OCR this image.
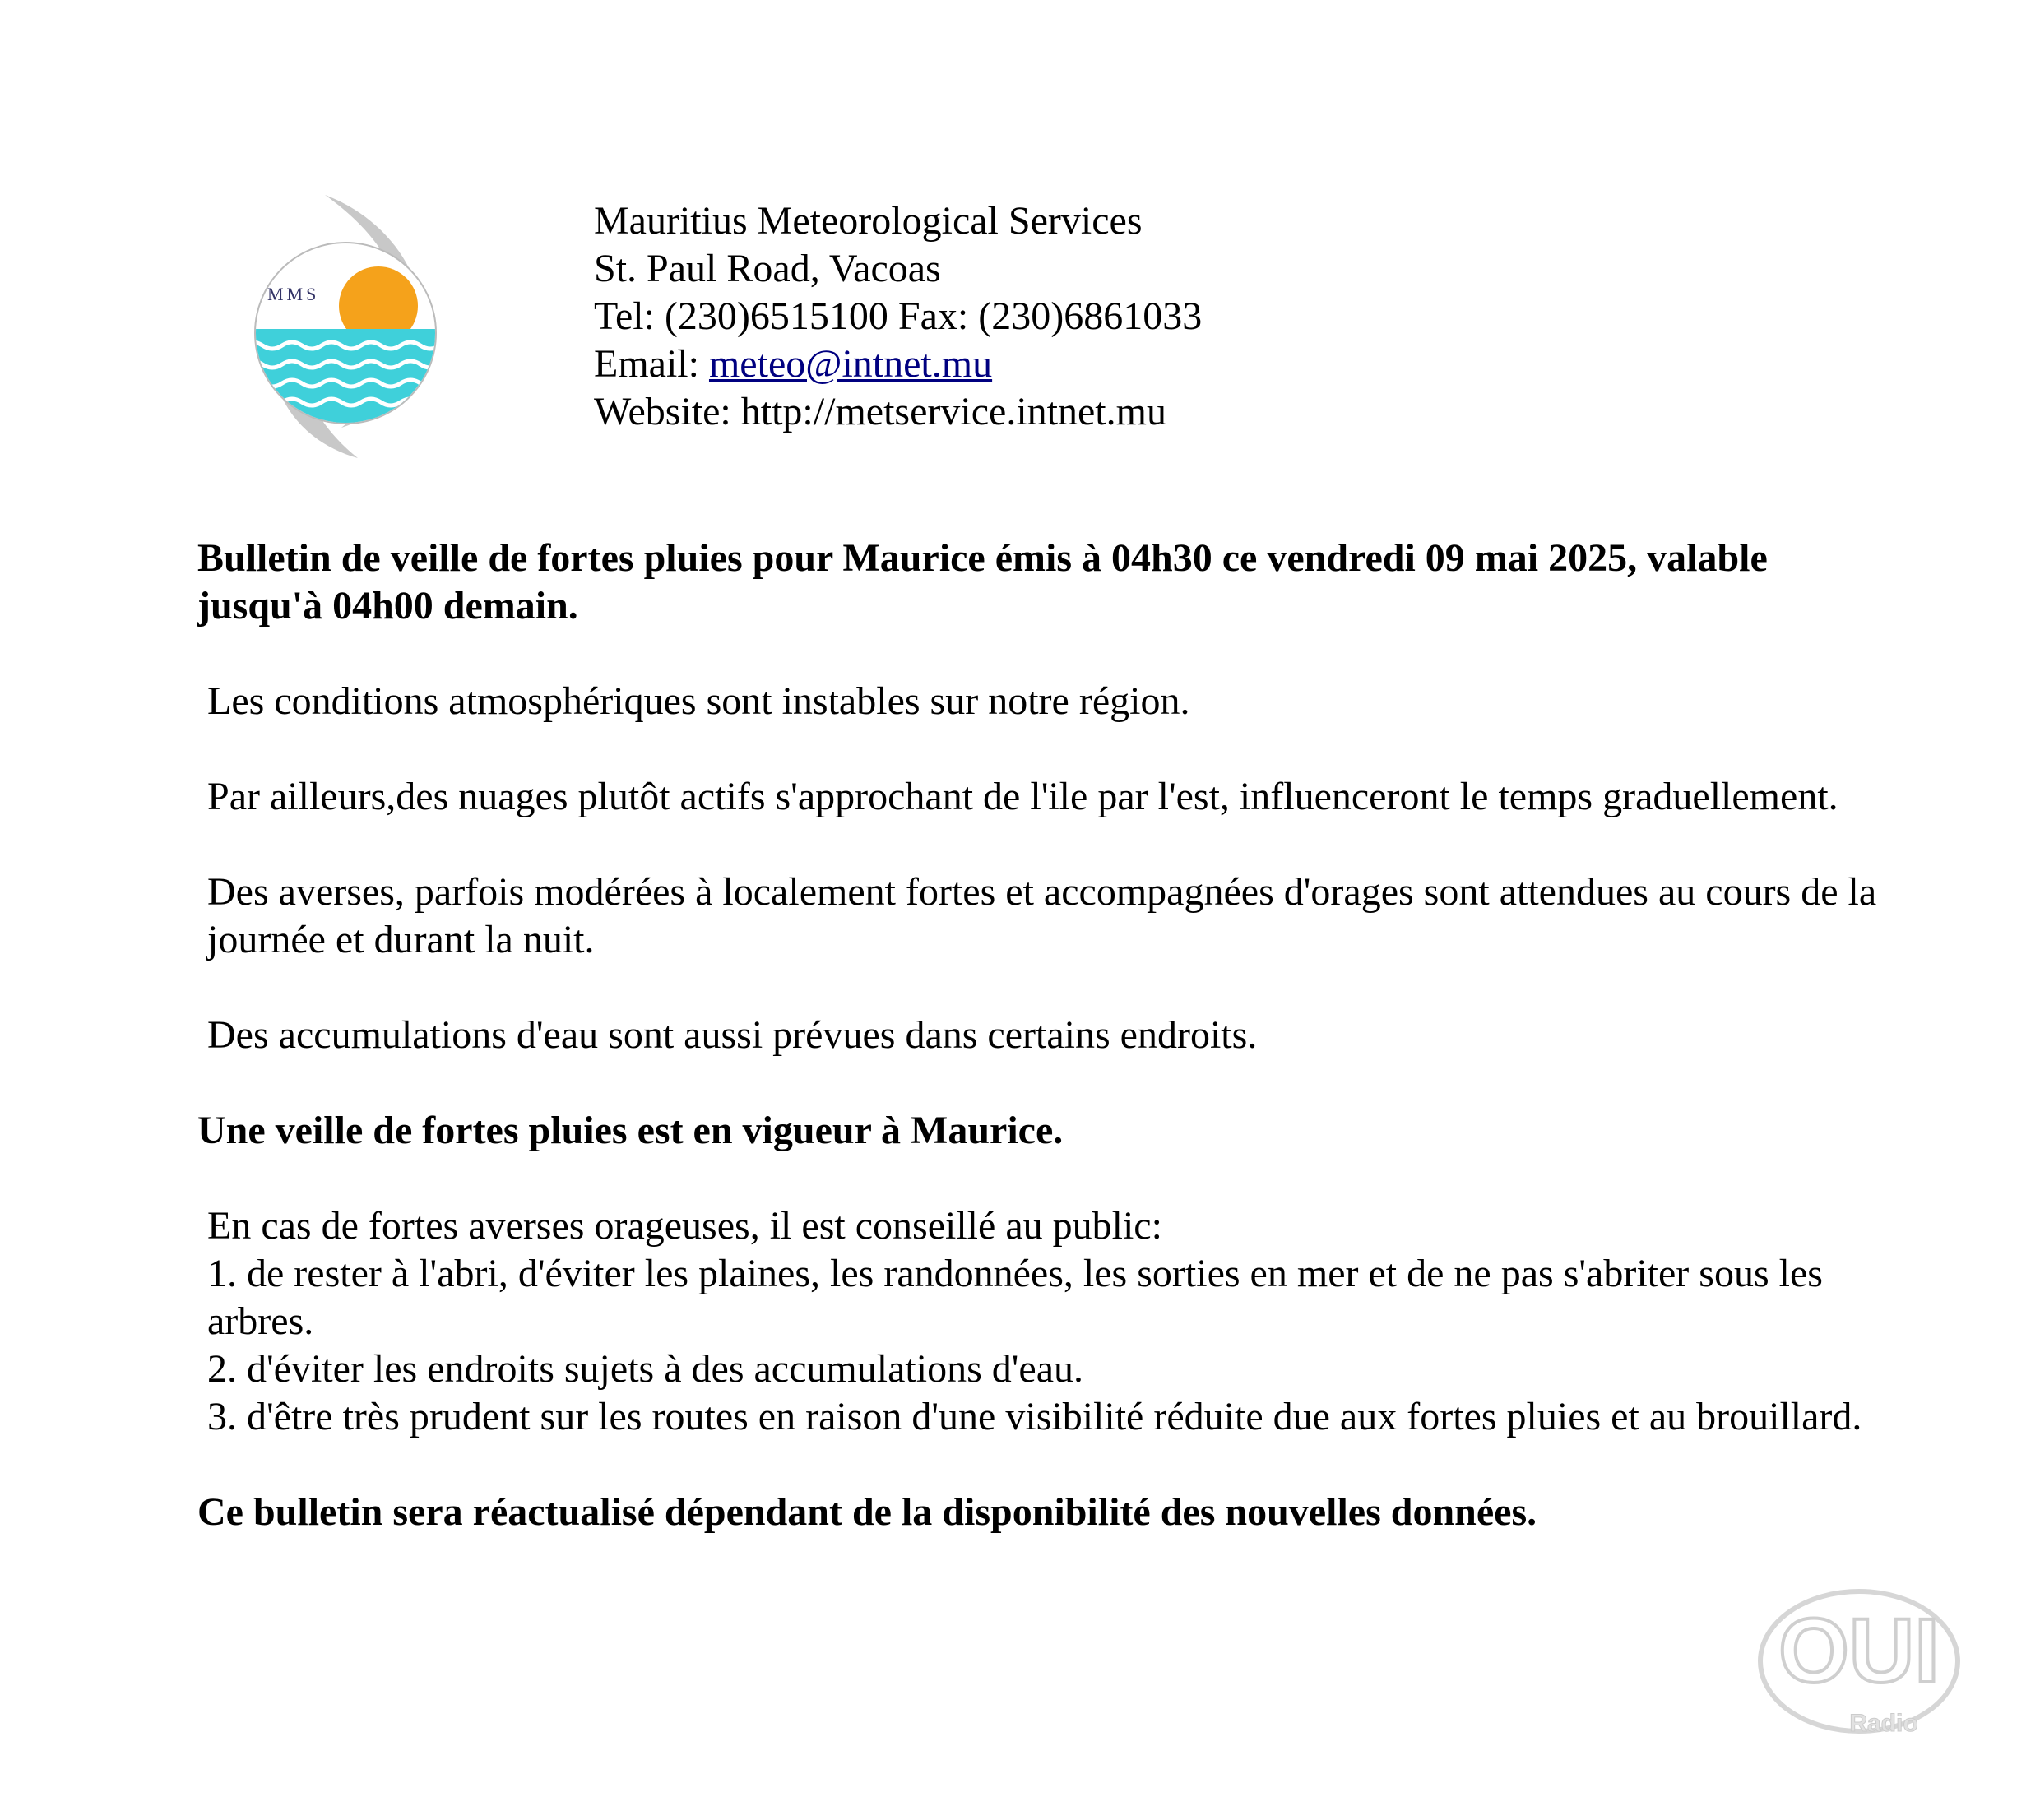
MMS
Mauritius Meteorological Services
St. Paul Road, Vacoas
Tel: (230)6515100 Fax: (230)6861033
Email: meteo@intnet.mu
Website: http://metservice.intnet.mu

Bulletin de veille de fortes pluies pour Maurice émis à 04h30 ce vendredi 09 mai 2025, valable jusqu'à 04h00 demain.

Les conditions atmosphériques sont instables sur notre région.

Par ailleurs,des nuages plutôt actifs s'approchant de l'ile par l'est, influenceront le temps graduellement.

Des averses, parfois modérées à localement fortes et accompagnées d'orages sont attendues au cours de la journée et durant la nuit.

Des accumulations d'eau sont aussi prévues dans certains endroits.

Une veille de fortes pluies est en vigueur à Maurice.

En cas de fortes averses orageuses, il est conseillé au public:
1. de rester à l'abri, d'éviter les plaines, les randonnées, les sorties en mer et de ne pas s'abriter sous les arbres.
2. d'éviter les endroits sujets à des accumulations d'eau.
3. d'être très prudent sur les routes en raison d'une visibilité réduite due aux fortes pluies et au brouillard.

Ce bulletin sera réactualisé dépendant de la disponibilité des nouvelles données.

OUI
Radio
